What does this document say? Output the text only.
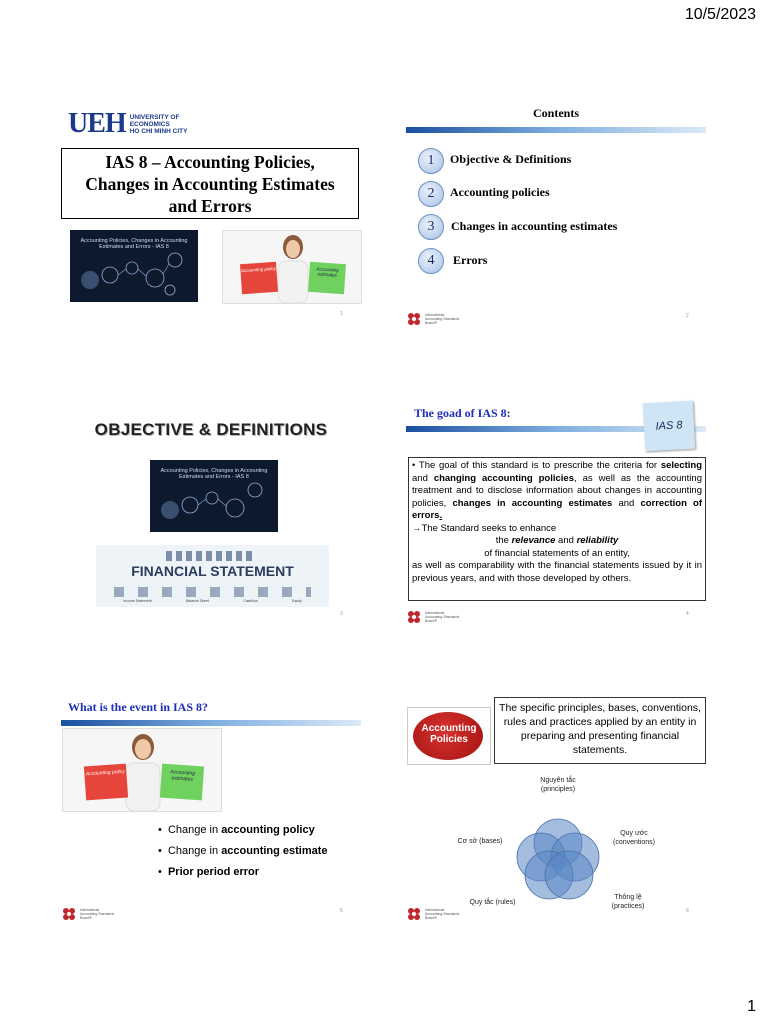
10/5/2023
1
UEH UNIVERSITY OF
ECONOMICS
HO CHI MINH CITY
IAS 8 – Accounting Policies,
Changes in Accounting Estimates
and Errors
Accounting Policies, Changes in Accounting
Estimates and Errors - IAS 8
Accounting policy	Accounting estimates
1
Contents
1	Objective & Definitions
2	Accounting policies
3	Changes in accounting estimates
4	Errors
International
Accounting Standards
Board®
2
OBJECTIVE & DEFINITIONS
Accounting Policies, Changes in Accounting
Estimates and Errors - IAS 8
FINANCIAL STATEMENT
Income Statement	Balance Sheet	Cashflow	Equity
3
The goad of IAS 8:
IAS 8

• The goal of this standard is to prescribe the criteria for selecting and changing accounting policies, as well as the accounting treatment and to disclose information about changes in accounting policies, changes in accounting estimates and correction of errors.

→The Standard seeks to enhance

the relevance and reliability

of financial statements of an entity,

as well as comparability with the financial statements issued by it in previous years, and with those developed by others.

International
Accounting Standards
Board®
4
What is the event in IAS 8?
Accounting policy	Accounting estimates
•  Change in accounting policy
•  Change in accounting estimate
•  Prior period error
International
Accounting Standards
Board®
5
Accounting
Policies
The specific principles, bases, conventions, rules and practices applied by an entity in preparing and presenting financial statements.
Nguyên tắc
(principles)
Cơ sở (bases)
Quy ước
(conventions)
Quy tắc (rules)
Thông lệ
(practices)
International
Accounting Standards
Board®
6
